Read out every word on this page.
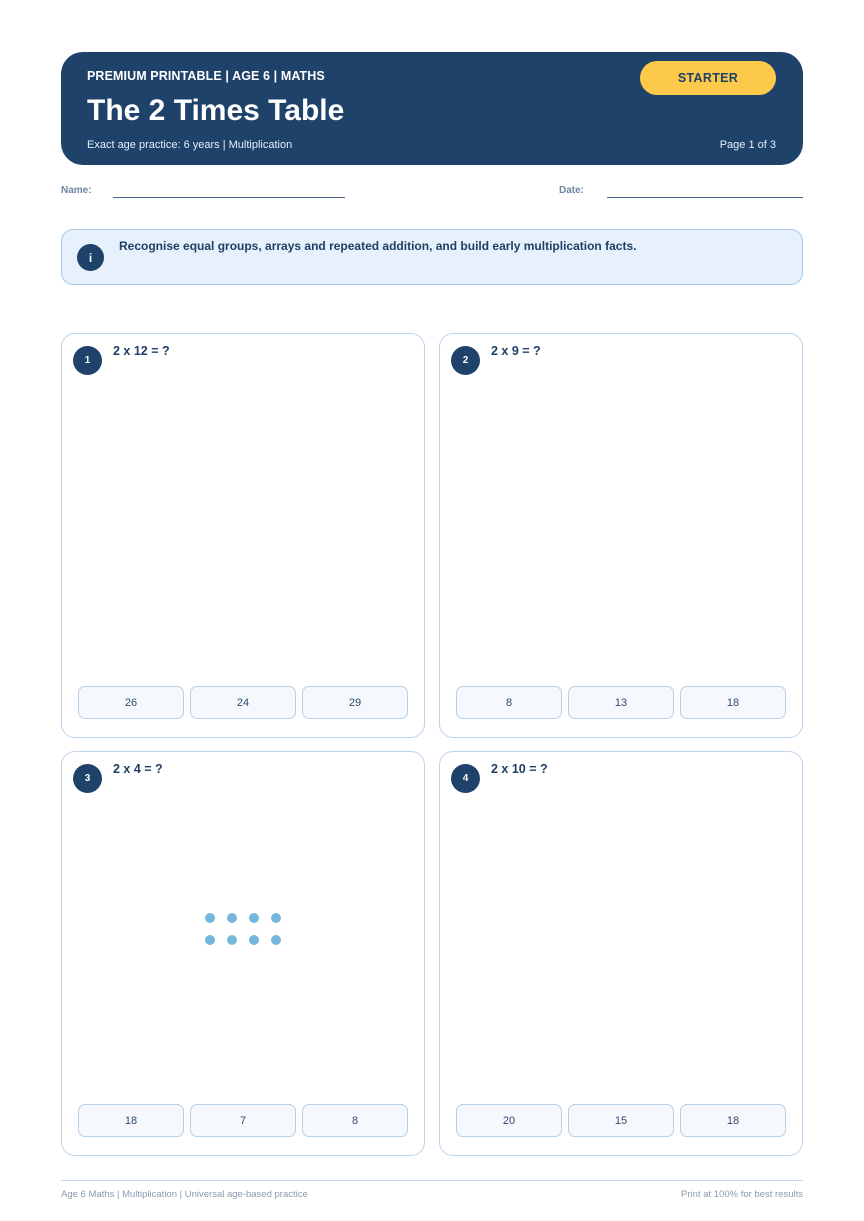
PREMIUM PRINTABLE | AGE 6 | MATHS
The 2 Times Table
Exact age practice: 6 years | Multiplication	Page 1 of 3
STARTER
Name:	Date:
i
Recognise equal groups, arrays and repeated addition, and build early multiplication facts.
1
2 x 12 = ?
26	24	29
2
2 x 9 = ?
8	13	18
3
2 x 4 = ?
18	7	8
4
2 x 10 = ?
20	15	18
Age 6 Maths | Multiplication | Universal age-based practice	Print at 100% for best results
